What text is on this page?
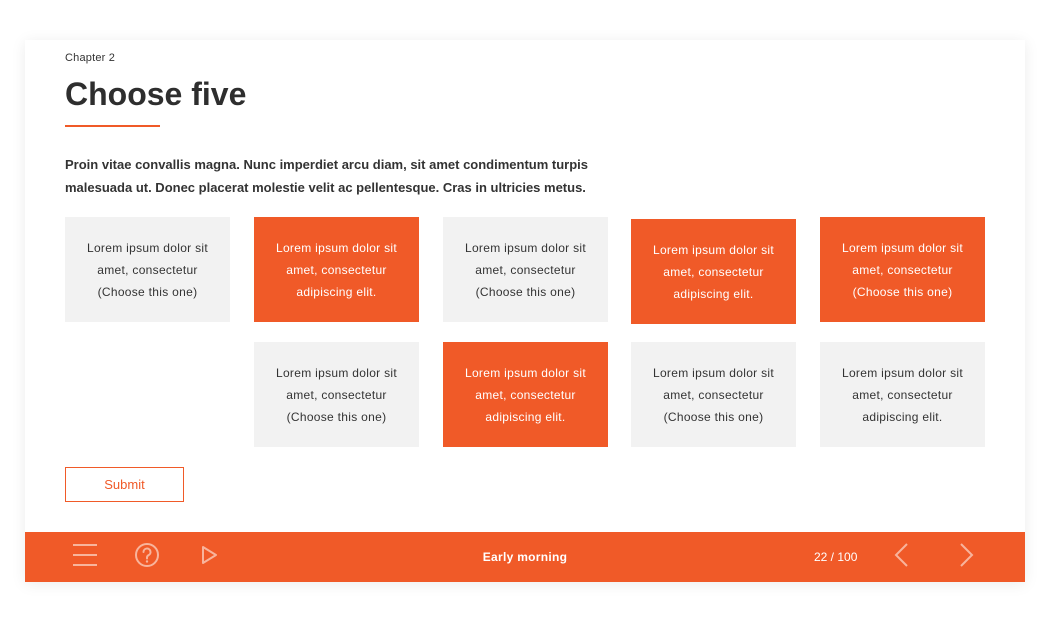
Chapter 2
Choose five
Proin vitae convallis magna. Nunc imperdiet arcu diam, sit amet condimentum turpis malesuada ut. Donec placerat molestie velit ac pellentesque. Cras in ultricies metus.
Lorem ipsum dolor sit
amet, consectetur
(Choose this one)
Lorem ipsum dolor sit
amet, consectetur
adipiscing elit.
Lorem ipsum dolor sit
amet, consectetur
(Choose this one)
Lorem ipsum dolor sit
amet, consectetur
adipiscing elit.
Lorem ipsum dolor sit
amet, consectetur
(Choose this one)
Lorem ipsum dolor sit
amet, consectetur
(Choose this one)
Lorem ipsum dolor sit
amet, consectetur
adipiscing elit.
Lorem ipsum dolor sit
amet, consectetur
(Choose this one)
Lorem ipsum dolor sit
amet, consectetur
adipiscing elit.
Submit
Early morning	22 / 100
